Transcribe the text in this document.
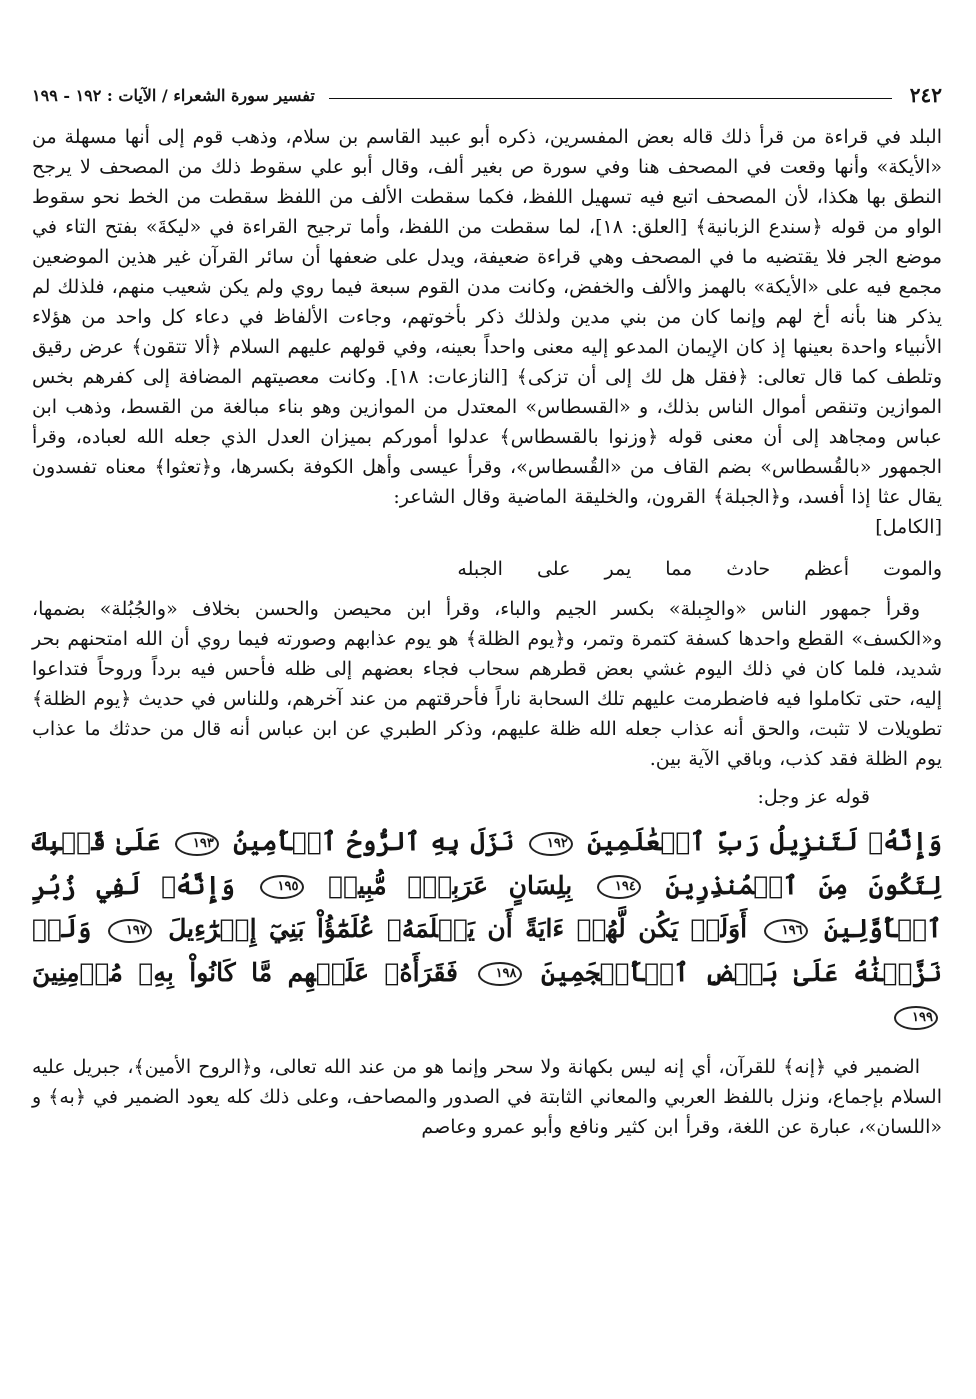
٢٤٢
تفسير سورة الشعراء / الآيات : ١٩٢ - ١٩٩

البلد في قراءة من قرأ ذلك قاله بعض المفسرين، ذكره أبو عبيد القاسم بن سلام، وذهب قوم إلى أنها مسهلة من «الأيكة» وأنها وقعت في المصحف هنا وفي سورة ص بغير ألف، وقال أبو علي سقوط ذلك من المصحف لا يرجح النطق بها هكذا، لأن المصحف اتبع فيه تسهيل اللفظ، فكما سقطت الألف من اللفظ سقطت من الخط نحو سقوط الواو من قوله ﴿سندع الزبانية﴾ [العلق: ١٨]، لما سقطت من اللفظ، وأما ترجيح القراءة في «ليكةَ» بفتح التاء في موضع الجر فلا يقتضيه ما في المصحف وهي قراءة ضعيفة، ويدل على ضعفها أن سائر القرآن غير هذين الموضعين مجمع فيه على «الأيكة» بالهمز والألف والخفض، وكانت مدن القوم سبعة فيما روي ولم يكن شعيب منهم، فلذلك لم يذكر هنا بأنه أخ لهم وإنما كان من بني مدين ولذلك ذكر بأخوتهم، وجاءت الألفاظ في دعاء كل واحد من هؤلاء الأنبياء واحدة بعينها إذ كان الإيمان المدعو إليه معنى واحداً بعينه، وفي قولهم عليهم السلام ﴿ألا تتقون﴾ عرض رقيق وتلطف كما قال تعالى: ﴿فقل هل لك إلى أن تزكى﴾ [النازعات: ١٨]. وكانت معصيتهم المضافة إلى كفرهم بخس الموازين وتنقص أموال الناس بذلك، و «القسطاس» المعتدل من الموازين وهو بناء مبالغة من القسط، وذهب ابن عباس ومجاهد إلى أن معنى قوله ﴿وزنوا بالقسطاس﴾ عدلوا أموركم بميزان العدل الذي جعله الله لعباده، وقرأ الجمهور «بالقُسطاس» بضم القاف من «القُسطاس»، وقرأ عيسى وأهل الكوفة بكسرها، و﴿تعثوا﴾ معناه تفسدون يقال عثا إذا أفسد، و﴿الجبلة﴾ القرون، والخليقة الماضية وقال الشاعر:

[الكامل]

والموت أعظم حادث مما يمر على الجبله

وقرأ جمهور الناس «والجِبلة» بكسر الجيم والباء، وقرأ ابن محيصن والحسن بخلاف «والجُبُلة» بضمها، و«الكسف» القطع واحدها كسفة كتمرة وتمر، و﴿يوم الظلة﴾ هو يوم عذابهم وصورته فيما روي أن الله امتحنهم بحر شديد، فلما كان في ذلك اليوم غشي بعض قطرهم سحاب فجاء بعضهم إلى ظله فأحس فيه برداً وروحاً فتداعوا إليه، حتى تكاملوا فيه فاضطرمت عليهم تلك السحابة ناراً فأحرقتهم من عند آخرهم، وللناس في حديث ﴿يوم الظلة﴾ تطويلات لا تثبت، والحق أنه عذاب جعله الله ظلة عليهم، وذكر الطبري عن ابن عباس أنه قال من حدثك ما عذاب يوم الظلة فقد كذب، وباقي الآية بين.

قوله عز وجل:

وَإِنَّهُۥ لَتَنزِيلُ رَبِّ ٱلۡعَٰلَمِينَ ١٩٢ نَزَلَ بِهِ ٱلرُّوحُ ٱلۡأَمِينُ ١٩٣ عَلَىٰ قَلۡبِكَ لِتَكُونَ مِنَ ٱلۡمُنذِرِينَ ١٩٤ بِلِسَانٍ عَرَبِيّٖ مُّبِينٖ ١٩٥ وَإِنَّهُۥ لَفِي زُبُرِ ٱلۡأَوَّلِينَ ١٩٦ أَوَلَمۡ يَكُن لَّهُمۡ ءَايَةً أَن يَعۡلَمَهُۥ عُلَمَٰٓؤُاْ بَنِيٓ إِسۡرَٰٓءِيلَ ١٩٧ وَلَوۡ نَزَّلۡنَٰهُ عَلَىٰ بَعۡضِ ٱلۡأَعۡجَمِينَ ١٩٨ فَقَرَأَهُۥ عَلَيۡهِم مَّا كَانُواْ بِهِۦ مُؤۡمِنِينَ ١٩٩

الضمير في ﴿إنه﴾ للقرآن، أي إنه ليس بكهانة ولا سحر وإنما هو من عند الله تعالى، و﴿الروح الأمين﴾، جبريل عليه السلام بإجماع، ونزل باللفظ العربي والمعاني الثابتة في الصدور والمصاحف، وعلى ذلك كله يعود الضمير في ﴿به﴾ و «اللسان»، عبارة عن اللغة، وقرأ ابن كثير ونافع وأبو عمرو وعاصم
